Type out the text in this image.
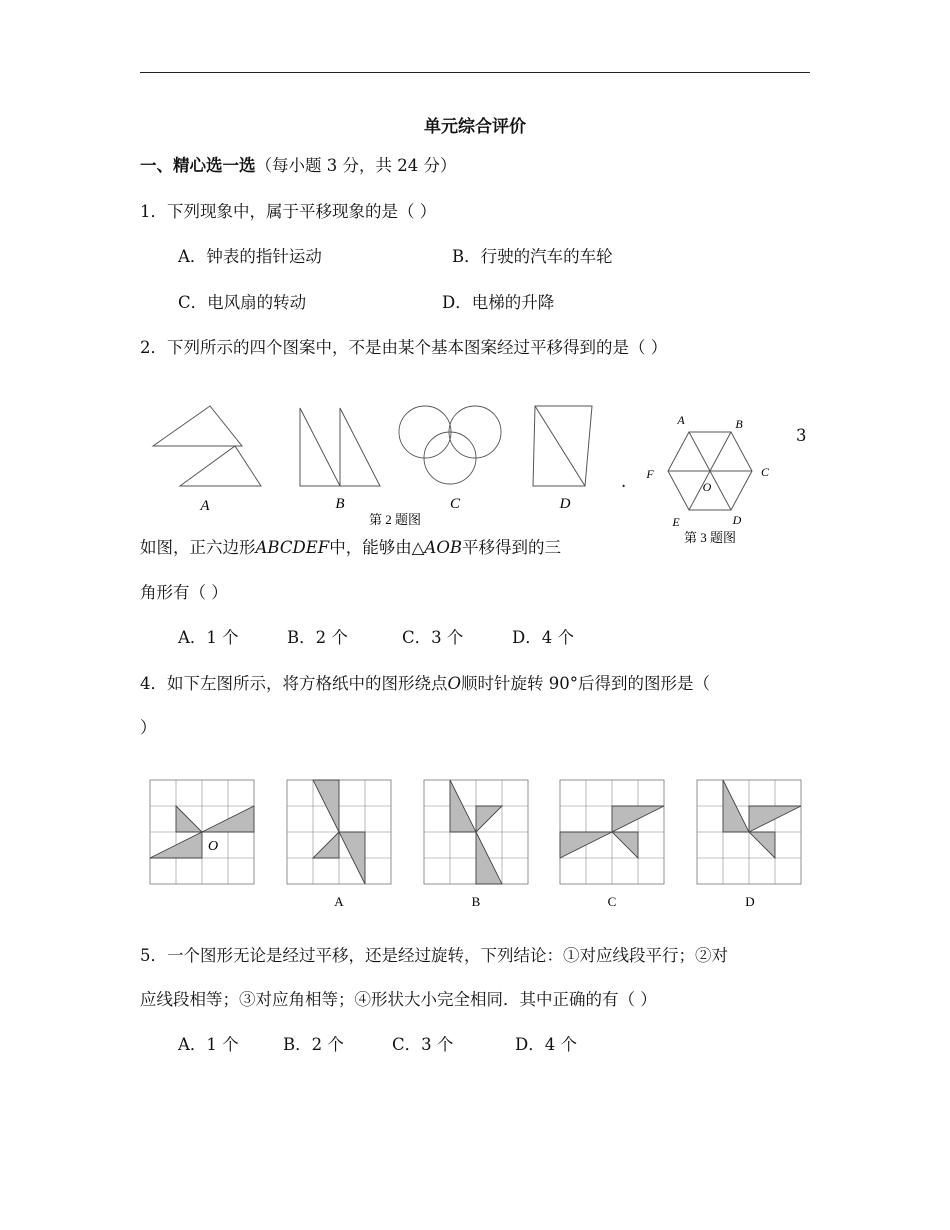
单元综合评价
一、精心选一选（每小题 3 分，共 24 分）
1．下列现象中，属于平移现象的是（ ）
A．钟表的指针运动	B．行驶的汽车的车轮
C．电风扇的转动	D．电梯的升降
2．下列所示的四个图案中，不是由某个基本图案经过平移得到的是（ ）
A	B	C	D
第 2 题图
A	B
C
D
E
F
O
第 3 题图
3
.
如图，正六边形ABCDEF中，能够由△AOB平移得到的三
角形有（ ）
A．1 个	B．2 个	C．3 个	D．4 个
4．如下左图所示，将方格纸中的图形绕点O顺时针旋转 90°后得到的图形是（
）
O
A	B	C	D
5．一个图形无论是经过平移，还是经过旋转，下列结论：①对应线段平行；②对
应线段相等；③对应角相等；④形状大小完全相同．其中正确的有（ ）
A．1 个	B．2 个	C．3 个	D．4 个
